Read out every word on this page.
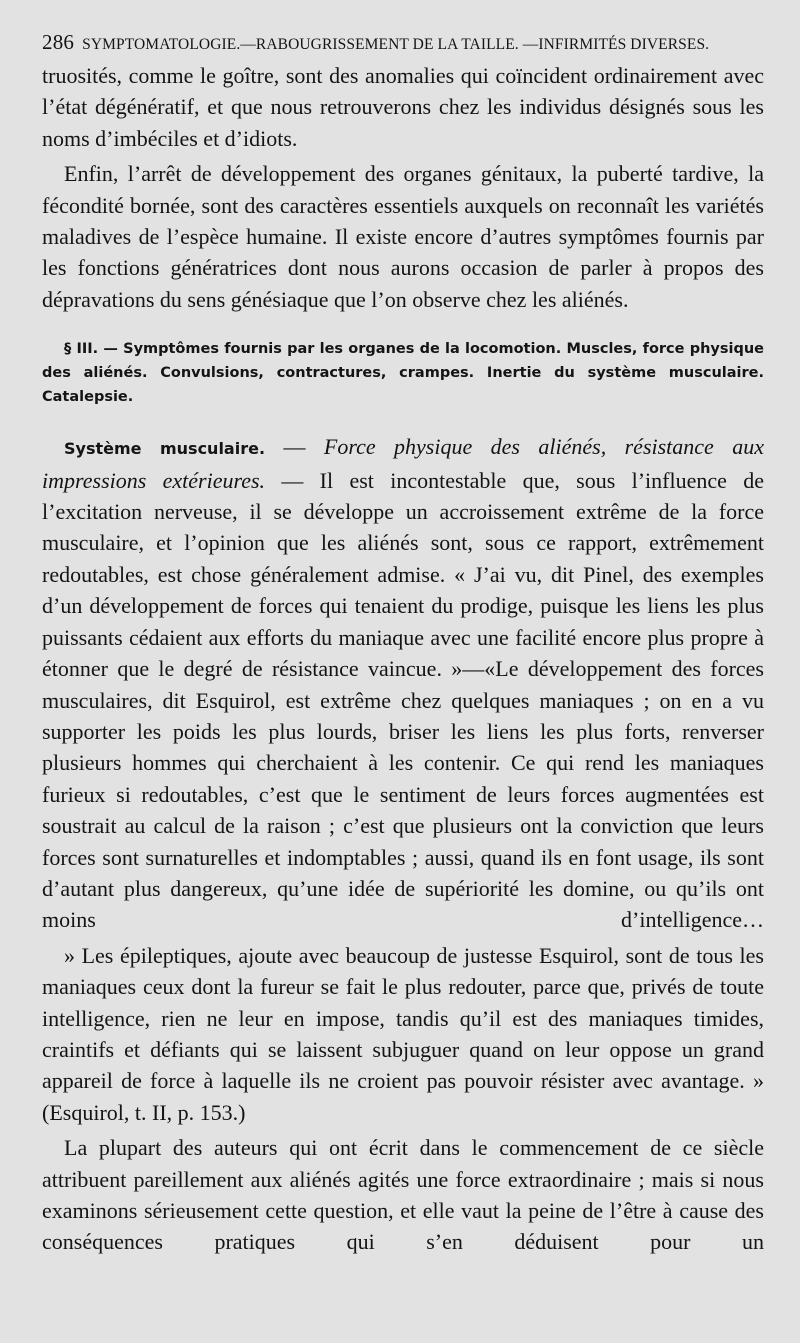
286 SYMPTOMATOLOGIE.—RABOUGRISSEMENT DE LA TAILLE. —INFIRMITÉS DIVERSES.

truosités, comme le goître, sont des anomalies qui coïncident ordinairement avec l’état dégénératif, et que nous retrouverons chez les individus désignés sous les noms d’imbéciles et d’idiots.

Enfin, l’arrêt de développement des organes génitaux, la puberté tardive, la fécondité bornée, sont des caractères essentiels auxquels on reconnaît les variétés maladives de l’espèce humaine. Il existe encore d’autres symptômes fournis par les fonctions génératrices dont nous aurons occasion de parler à propos des dépravations du sens génésiaque que l’on observe chez les aliénés.

§ III. — Symptômes fournis par les organes de la locomotion. Muscles, force physique des aliénés. Convulsions, contractures, crampes. Inertie du système musculaire. Catalepsie.

Système musculaire. — Force physique des aliénés, résistance aux impressions extérieures. — Il est incontestable que, sous l’influence de l’excitation nerveuse, il se développe un accroissement extrême de la force musculaire, et l’opinion que les aliénés sont, sous ce rapport, extrêmement redoutables, est chose généralement admise. « J’ai vu, dit Pinel, des exemples d’un développement de forces qui tenaient du prodige, puisque les liens les plus puissants cédaient aux efforts du maniaque avec une facilité encore plus propre à étonner que le degré de résistance vaincue. »—«Le développement des forces musculaires, dit Esquirol, est extrême chez quelques maniaques ; on en a vu supporter les poids les plus lourds, briser les liens les plus forts, renverser plusieurs hommes qui cherchaient à les contenir. Ce qui rend les maniaques furieux si redoutables, c’est que le sentiment de leurs forces augmentées est soustrait au calcul de la raison ; c’est que plusieurs ont la conviction que leurs forces sont surnaturelles et indomptables ; aussi, quand ils en font usage, ils sont d’autant plus dangereux, qu’une idée de supériorité les domine, ou qu’ils ont moins d’intelligence…

» Les épileptiques, ajoute avec beaucoup de justesse Esquirol, sont de tous les maniaques ceux dont la fureur se fait le plus redouter, parce que, privés de toute intelligence, rien ne leur en impose, tandis qu’il est des maniaques timides, craintifs et défiants qui se laissent subjuguer quand on leur oppose un grand appareil de force à laquelle ils ne croient pas pouvoir résister avec avantage. » (Esquirol, t. II, p. 153.)

La plupart des auteurs qui ont écrit dans le commencement de ce siècle attribuent pareillement aux aliénés agités une force extraordinaire ; mais si nous examinons sérieusement cette question, et elle vaut la peine de l’être à cause des conséquences pratiques qui s’en déduisent pour un
